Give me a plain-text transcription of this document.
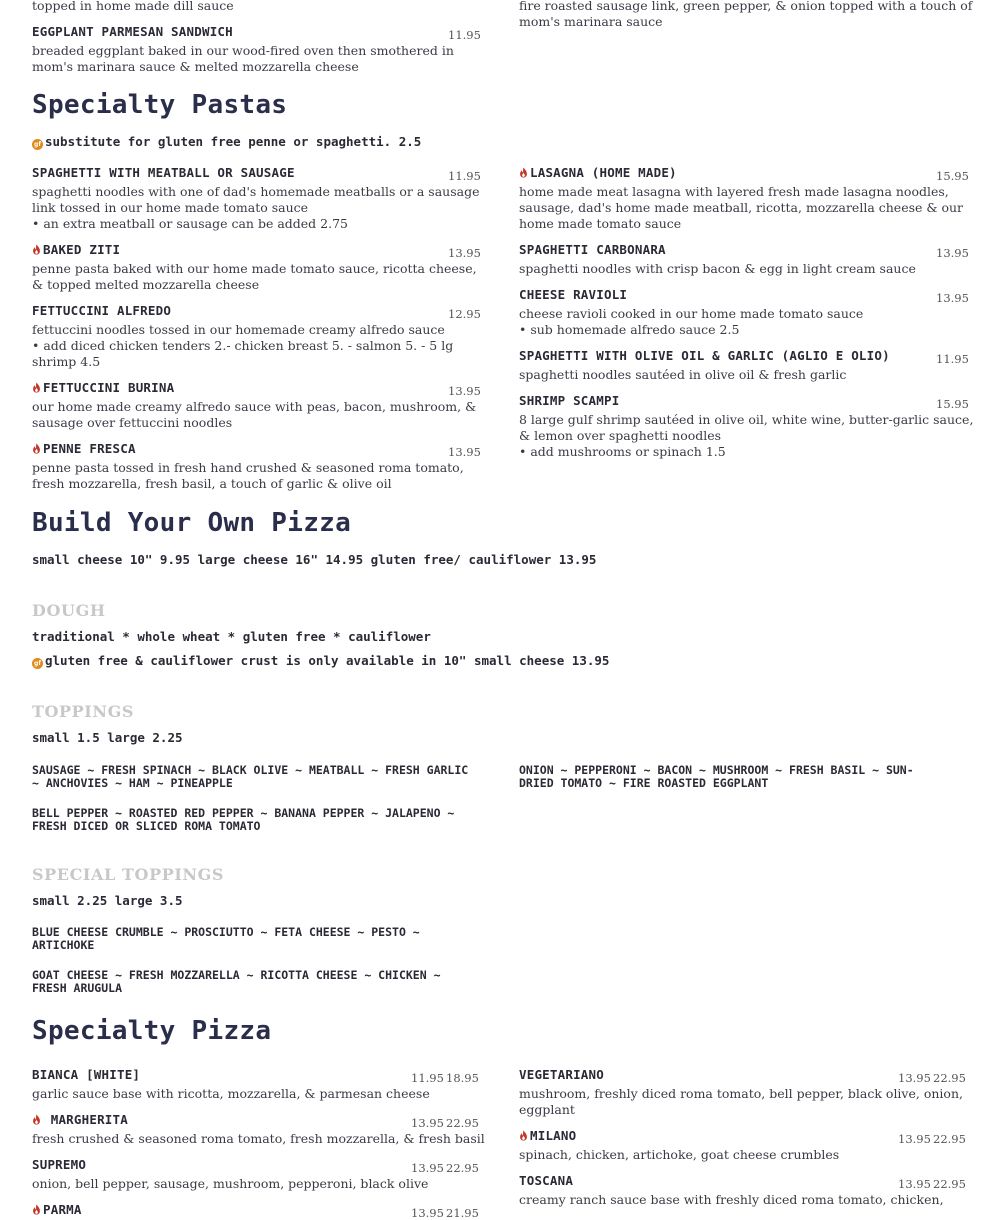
topped in home made dill sauce	fire roasted sausage link, green pepper, & onion topped with a touch of
mom's marinara sauce
EGGPLANT PARMESAN SANDWICH	11.95
breaded eggplant baked in our wood-fired oven then smothered in
mom's marinara sauce & melted mozzarella cheese
Specialty Pastas
gf substitute for gluten free penne or spaghetti. 2.5
SPAGHETTI WITH MEATBALL OR SAUSAGE	11.95
spaghetti noodles with one of dad's homemade meatballs or a sausage
link tossed in our home made tomato sauce
• an extra meatball or sausage can be added 2.75
BAKED ZITI	13.95
penne pasta baked with our home made tomato sauce, ricotta cheese,
& topped melted mozzarella cheese
FETTUCCINI ALFREDO	12.95
fettuccini noodles tossed in our homemade creamy alfredo sauce
• add diced chicken tenders 2.- chicken breast 5. - salmon 5. - 5 lg
shrimp 4.5
FETTUCCINI BURINA	13.95
our home made creamy alfredo sauce with peas, bacon, mushroom, &
sausage over fettuccini noodles
PENNE FRESCA	13.95
penne pasta tossed in fresh hand crushed & seasoned roma tomato,
fresh mozzarella, fresh basil, a touch of garlic & olive oil
LASAGNA (HOME MADE)	15.95
home made meat lasagna with layered fresh made lasagna noodles,
sausage, dad's home made meatball, ricotta, mozzarella cheese & our
home made tomato sauce
SPAGHETTI CARBONARA	13.95
spaghetti noodles with crisp bacon & egg in light cream sauce
CHEESE RAVIOLI	13.95
cheese ravioli cooked in our home made tomato sauce
• sub homemade alfredo sauce 2.5
SPAGHETTI WITH OLIVE OIL & GARLIC (AGLIO E OLIO)	11.95
spaghetti noodles sautéed in olive oil & fresh garlic
SHRIMP SCAMPI	15.95
8 large gulf shrimp sautéed in olive oil, white wine, butter-garlic sauce,
& lemon over spaghetti noodles
• add mushrooms or spinach 1.5
Build Your Own Pizza
small cheese 10" 9.95 large cheese 16" 14.95 gluten free/ cauliflower 13.95
DOUGH
traditional * whole wheat * gluten free * cauliflower
gf gluten free & cauliflower crust is only available in 10" small cheese 13.95
TOPPINGS
small 1.5 large 2.25
SAUSAGE ~ FRESH SPINACH ~ BLACK OLIVE ~ MEATBALL ~ FRESH GARLIC ~ ANCHOVIES ~ HAM ~ PINEAPPLE
BELL PEPPER ~ ROASTED RED PEPPER ~ BANANA PEPPER ~ JALAPENO ~ FRESH DICED OR SLICED ROMA TOMATO
ONION ~ PEPPERONI ~ BACON ~ MUSHROOM ~ FRESH BASIL ~ SUN-DRIED TOMATO ~ FIRE ROASTED EGGPLANT
SPECIAL TOPPINGS
small 2.25 large 3.5
BLUE CHEESE CRUMBLE ~ PROSCIUTTO ~ FETA CHEESE ~ PESTO ~ ARTICHOKE
GOAT CHEESE ~ FRESH MOZZARELLA ~ RICOTTA CHEESE ~ CHICKEN ~ FRESH ARUGULA
Specialty Pizza
BIANCA [WHITE]	11.95 18.95
garlic sauce base with ricotta, mozzarella, & parmesan cheese
MARGHERITA	13.95 22.95
fresh crushed & seasoned roma tomato, fresh mozzarella, & fresh basil
SUPREMO	13.95 22.95
onion, bell pepper, sausage, mushroom, pepperoni, black olive
PARMA	13.95 21.95
VEGETARIANO	13.95 22.95
mushroom, freshly diced roma tomato, bell pepper, black olive, onion,
eggplant
MILANO	13.95 22.95
spinach, chicken, artichoke, goat cheese crumbles
TOSCANA	13.95 22.95
creamy ranch sauce base with freshly diced roma tomato, chicken,
